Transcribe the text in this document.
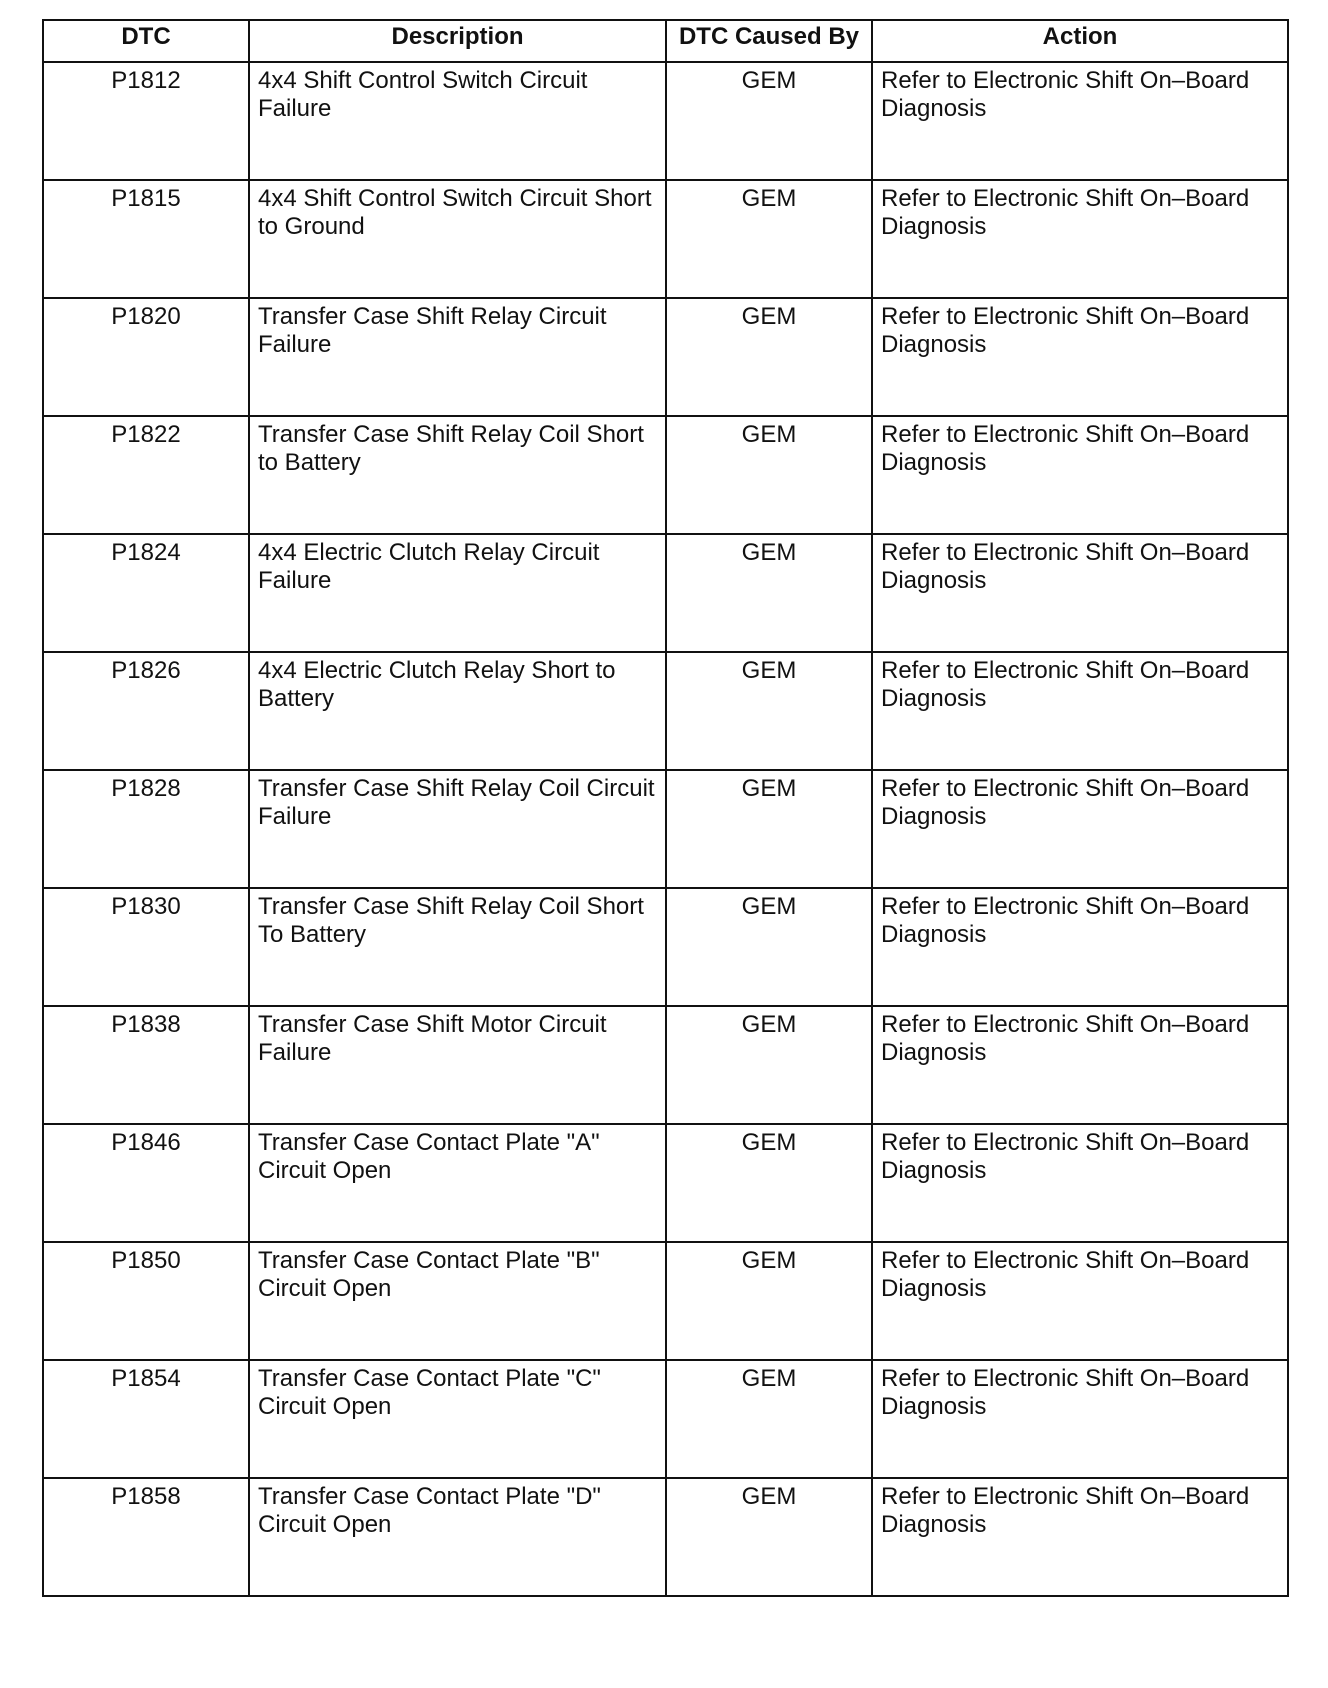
DTC	Description	DTC Caused By	Action
P1812	4x4 Shift Control Switch Circuit Failure	GEM	Refer to Electronic Shift On–Board Diagnosis
P1815	4x4 Shift Control Switch Circuit Short to Ground	GEM	Refer to Electronic Shift On–Board Diagnosis
P1820	Transfer Case Shift Relay Circuit Failure	GEM	Refer to Electronic Shift On–Board Diagnosis
P1822	Transfer Case Shift Relay Coil Short to Battery	GEM	Refer to Electronic Shift On–Board Diagnosis
P1824	4x4 Electric Clutch Relay Circuit Failure	GEM	Refer to Electronic Shift On–Board Diagnosis
P1826	4x4 Electric Clutch Relay Short to Battery	GEM	Refer to Electronic Shift On–Board Diagnosis
P1828	Transfer Case Shift Relay Coil Circuit Failure	GEM	Refer to Electronic Shift On–Board Diagnosis
P1830	Transfer Case Shift Relay Coil Short To Battery	GEM	Refer to Electronic Shift On–Board Diagnosis
P1838	Transfer Case Shift Motor Circuit Failure	GEM	Refer to Electronic Shift On–Board Diagnosis
P1846	Transfer Case Contact Plate "A" Circuit Open	GEM	Refer to Electronic Shift On–Board Diagnosis
P1850	Transfer Case Contact Plate "B" Circuit Open	GEM	Refer to Electronic Shift On–Board Diagnosis
P1854	Transfer Case Contact Plate "C" Circuit Open	GEM	Refer to Electronic Shift On–Board Diagnosis
P1858	Transfer Case Contact Plate "D" Circuit Open	GEM	Refer to Electronic Shift On–Board Diagnosis
